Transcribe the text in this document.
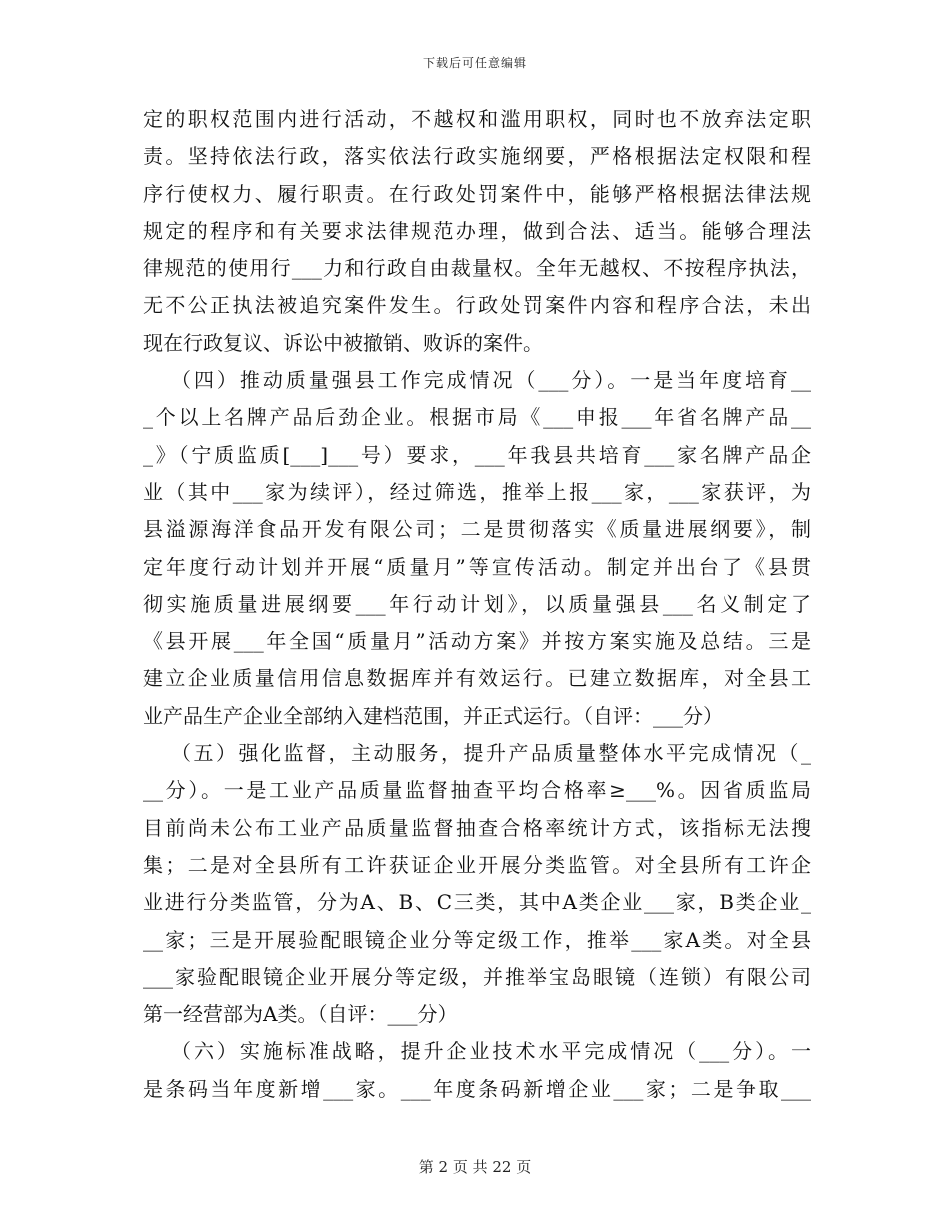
下载后可任意编辑
定的职权范围内进行活动，不越权和滥用职权，同时也不放弃法定职
责。坚持依法行政，落实依法行政实施纲要，严格根据法定权限和程
序行使权力、履行职责。在行政处罚案件中，能够严格根据法律法规
规定的程序和有关要求法律规范办理，做到合法、适当。能够合理法
律规范的使用行___力和行政自由裁量权。全年无越权、不按程序执法，
无不公正执法被追究案件发生。行政处罚案件内容和程序合法，未出
现在行政复议、诉讼中被撤销、败诉的案件。
（四）推动质量强县工作完成情况（___分）。一是当年度培育__
_个以上名牌产品后劲企业。根据市局《___申报___年省名牌产品__
_》（宁质监质[___]___号）要求，___年我县共培育___家名牌产品企
业（其中___家为续评），经过筛选，推举上报___家，___家获评，为
县溢源海洋食品开发有限公司；二是贯彻落实《质量进展纲要》，制
定年度行动计划并开展“质量月”等宣传活动。制定并出台了《县贯
彻实施质量进展纲要___年行动计划》，以质量强县___名义制定了
《县开展___年全国“质量月”活动方案》并按方案实施及总结。三是
建立企业质量信用信息数据库并有效运行。已建立数据库，对全县工
业产品生产企业全部纳入建档范围，并正式运行。（自评：___分）
（五）强化监督，主动服务，提升产品质量整体水平完成情况（_
__分）。一是工业产品质量监督抽查平均合格率≥___%。因省质监局
目前尚未公布工业产品质量监督抽查合格率统计方式，该指标无法搜
集；二是对全县所有工许获证企业开展分类监管。对全县所有工许企
业进行分类监管，分为A、B、C三类，其中A类企业___家，B类企业_
__家；三是开展验配眼镜企业分等定级工作，推举___家A类。对全县
___家验配眼镜企业开展分等定级，并推举宝岛眼镜（连锁）有限公司
第一经营部为A类。（自评：___分）
（六）实施标准战略，提升企业技术水平完成情况（___分）。一
是条码当年度新增___家。___年度条码新增企业___家；二是争取___
第 2 页 共 22 页
